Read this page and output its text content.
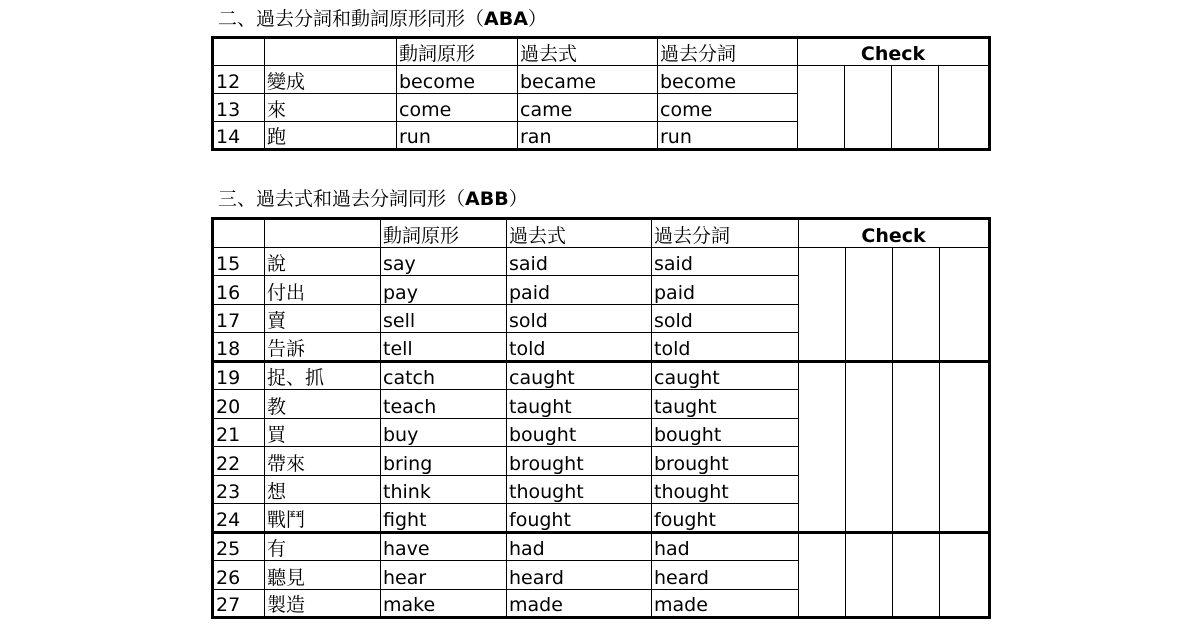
二、過去分詞和動詞原形同形（ABA）
		動詞原形	過去式	過去分詞	Check			
12	變成	become	became	become				
13	來	come	came	come				
14	跑	run	ran	run				
三、過去式和過去分詞同形（ABB）
		動詞原形	過去式	過去分詞	Check			
15	說	say	said	said				
16	付出	pay	paid	paid				
17	賣	sell	sold	sold				
18	告訴	tell	told	told				
19	捉、抓	catch	caught	caught				
20	教	teach	taught	taught				
21	買	buy	bought	bought				
22	帶來	bring	brought	brought				
23	想	think	thought	thought				
24	戰鬥	fight	fought	fought				
25	有	have	had	had				
26	聽見	hear	heard	heard				
27	製造	make	made	made				
